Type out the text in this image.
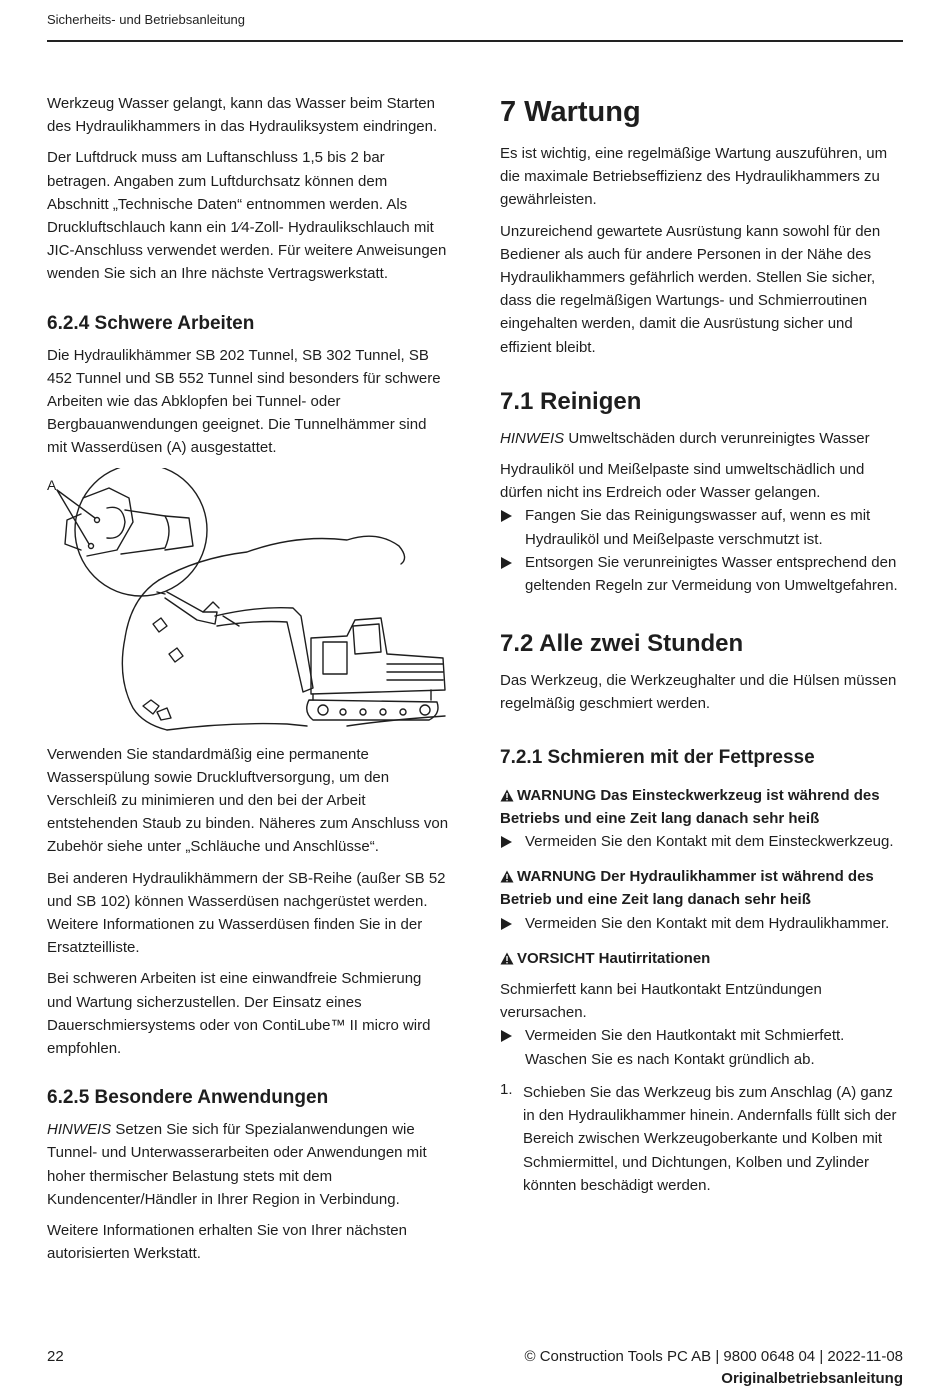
Sicherheits- und Betriebsanleitung

Werkzeug Wasser gelangt, kann das Wasser beim Starten des Hydraulikhammers in das Hydrauliksystem eindringen.

Der Luftdruck muss am Luftanschluss 1,5 bis 2 bar betragen. Angaben zum Luftdurchsatz können dem Abschnitt „Technische Daten“ entnommen werden. Als Druckluftschlauch kann ein 1⁄4-Zoll- Hydraulikschlauch mit JIC-Anschluss verwendet werden. Für weitere Anweisungen wenden Sie sich an Ihre nächste Vertragswerkstatt.

6.2.4 Schwere Arbeiten

Die Hydraulikhämmer SB 202 Tunnel, SB 302 Tunnel, SB 452 Tunnel und SB 552 Tunnel sind besonders für schwere Arbeiten wie das Abklopfen bei Tunnel- oder Bergbauanwendungen geeignet. Die Tunnelhämmer sind mit Wasserdüsen (A) ausgestattet.

A

Verwenden Sie standardmäßig eine permanente Wasserspülung sowie Druckluftversorgung, um den Verschleiß zu minimieren und den bei der Arbeit entstehenden Staub zu binden. Näheres zum Anschluss von Zubehör siehe unter „Schläuche und Anschlüsse“.

Bei anderen Hydraulikhämmern der SB-Reihe (außer SB 52 und SB 102) können Wasserdüsen nachgerüstet werden. Weitere Informationen zu Wasserdüsen finden Sie in der Ersatzteilliste.

Bei schweren Arbeiten ist eine einwandfreie Schmierung und Wartung sicherzustellen. Der Einsatz eines Dauerschmiersystems oder von ContiLube™ II micro wird empfohlen.

6.2.5 Besondere Anwendungen

HINWEIS Setzen Sie sich für Spezialanwendungen wie Tunnel- und Unterwasserarbeiten oder Anwendungen mit hoher thermischer Belastung stets mit dem Kundencenter/Händler in Ihrer Region in Verbindung.

Weitere Informationen erhalten Sie von Ihrer nächsten autorisierten Werkstatt.

7 Wartung

Es ist wichtig, eine regelmäßige Wartung auszuführen, um die maximale Betriebseffizienz des Hydraulikhammers zu gewährleisten.

Unzureichend gewartete Ausrüstung kann sowohl für den Bediener als auch für andere Personen in der Nähe des Hydraulikhammers gefährlich werden. Stellen Sie sicher, dass die regelmäßigen Wartungs- und Schmierroutinen eingehalten werden, damit die Ausrüstung sicher und effizient bleibt.

7.1 Reinigen

HINWEIS Umweltschäden durch verunreinigtes Wasser

Hydrauliköl und Meißelpaste sind umweltschädlich und dürfen nicht ins Erdreich oder Wasser gelangen.

Fangen Sie das Reinigungswasser auf, wenn es mit Hydrauliköl und Meißelpaste verschmutzt ist.
Entsorgen Sie verunreinigtes Wasser entsprechend den geltenden Regeln zur Vermeidung von Umweltgefahren.
7.2 Alle zwei Stunden

Das Werkzeug, die Werkzeughalter und die Hülsen müssen regelmäßig geschmiert werden.

7.2.1 Schmieren mit der Fettpresse
WARNUNG Das Einsteckwerkzeug ist während des Betriebs und eine Zeit lang danach sehr heiß
Vermeiden Sie den Kontakt mit dem Einsteckwerkzeug.
WARNUNG Der Hydraulikhammer ist während des Betrieb und eine Zeit lang danach sehr heiß
Vermeiden Sie den Kontakt mit dem Hydraulikhammer.
VORSICHT Hautirritationen

Schmierfett kann bei Hautkontakt Entzündungen verursachen.

Vermeiden Sie den Hautkontakt mit Schmierfett. Waschen Sie es nach Kontakt gründlich ab.
1. Schieben Sie das Werkzeug bis zum Anschlag (A) ganz in den Hydraulikhammer hinein. Andernfalls füllt sich der Bereich zwischen Werkzeugoberkante und Kolben mit Schmiermittel, und Dichtungen, Kolben und Zylinder könnten beschädigt werden.
22	© Construction Tools PC AB | 9800 0648 04 | 2022-11-08
Originalbetriebsanleitung
